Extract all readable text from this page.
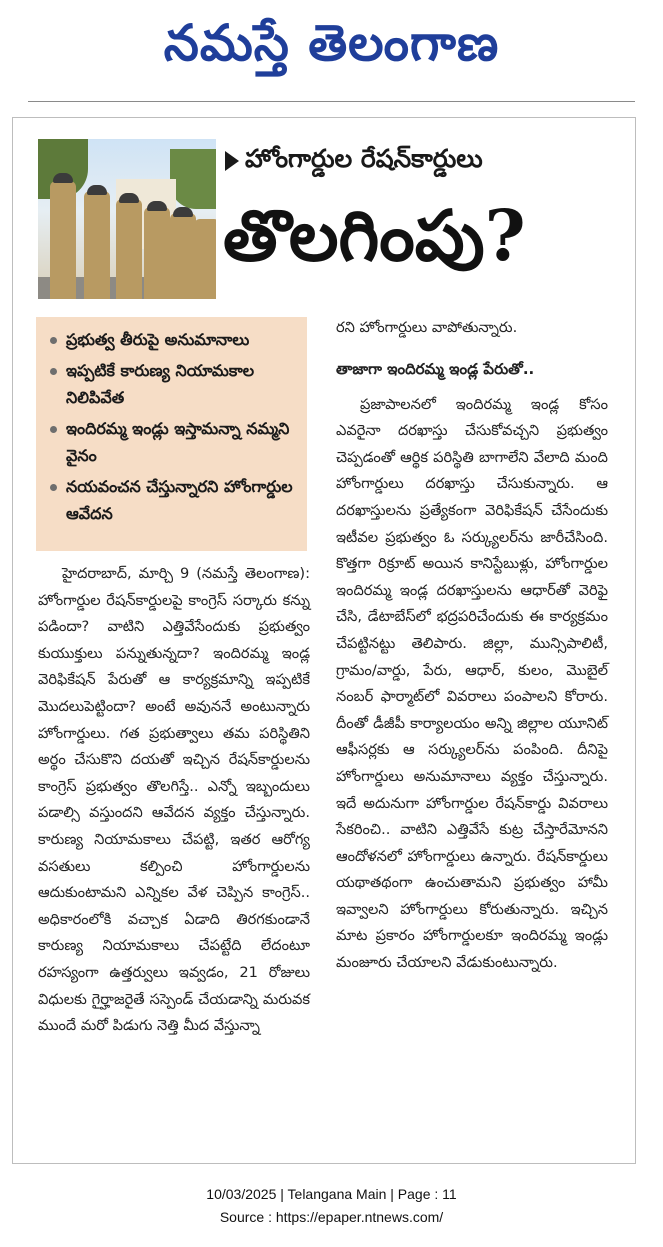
నమస్తే తెలంగాణ
హోంగార్డుల రేషన్‌కార్డులు
తొలగింపు?
ప్రభుత్వ తీరుపై అనుమానాలు
ఇప్పటికే కారుణ్య నియామకాల నిలిపివేత
ఇందిరమ్మ ఇండ్లు ఇస్తామన్నా నమ్మని వైనం
నయవంచన చేస్తున్నారని హోంగార్డుల ఆవేదన

హైదరాబాద్, మార్చి 9 (నమస్తే తెలంగాణ): హోంగార్డుల రేషన్‌కార్డులపై కాంగ్రెస్ సర్కారు కన్ను పడిందా? వాటిని ఎత్తివేసేందుకు ప్రభుత్వం కుయుక్తులు పన్నుతున్నదా? ఇందిరమ్మ ఇండ్ల వెరిఫికేషన్ పేరుతో ఆ కార్యక్రమాన్ని ఇప్పటికే మొదలుపెట్టిందా? అంటే అవుననే అంటున్నారు హోంగార్డులు. గత ప్రభుత్వాలు తమ పరిస్థితిని అర్థం చేసుకొని దయతో ఇచ్చిన రేషన్‌కార్డులను కాంగ్రెస్ ప్రభుత్వం తొలగిస్తే.. ఎన్నో ఇబ్బందులు పడాల్సి వస్తుందని ఆవేదన వ్యక్తం చేస్తున్నారు. కారుణ్య నియామకాలు చేపట్టి, ఇతర ఆరోగ్య వసతులు కల్పించి హోంగార్డులను ఆదుకుంటామని ఎన్నికల వేళ చెప్పిన కాంగ్రెస్.. అధికారంలోకి వచ్చాక ఏడాది తిరగకుండానే కారుణ్య నియామకాలు చేపట్టేది లేదంటూ రహస్యంగా ఉత్తర్వులు ఇవ్వడం, 21 రోజులు విధులకు గైర్హాజరైతే సస్పెండ్ చేయడాన్ని మరువక ముందే మరో పిడుగు నెత్తి మీద వేస్తున్నా

రని హోంగార్డులు వాపోతున్నారు.

తాజాగా ఇందిరమ్మ ఇండ్ల పేరుతో..

ప్రజాపాలనలో ఇందిరమ్మ ఇండ్ల కోసం ఎవరైనా దరఖాస్తు చేసుకోవచ్చని ప్రభుత్వం చెప్పడంతో ఆర్థిక పరిస్థితి బాగాలేని వేలాది మంది హోంగార్డులు దరఖాస్తు చేసుకున్నారు. ఆ దరఖాస్తులను ప్రత్యేకంగా వెరిఫికేషన్ చేసేందుకు ఇటీవల ప్రభుత్వం ఓ సర్క్యులర్‌ను జారీచేసింది. కొత్తగా రిక్రూట్ అయిన కానిస్టేబుళ్లు, హోంగార్డుల ఇందిరమ్మ ఇండ్ల దరఖాస్తులను ఆధార్‌తో వెరిఫై చేసి, డేటాబేస్‌లో భద్రపరిచేందుకు ఈ కార్యక్రమం చేపట్టినట్టు తెలిపారు. జిల్లా, మున్సిపాలిటీ, గ్రామం/వార్డు, పేరు, ఆధార్, కులం, మొబైల్ నంబర్ ఫార్మాట్‌లో వివరాలు పంపాలని కోరారు. దీంతో డీజీపీ కార్యాలయం అన్ని జిల్లాల యూనిట్ ఆఫీసర్లకు ఆ సర్క్యులర్‌ను పంపింది. దీనిపై హోంగార్డులు అనుమానాలు వ్యక్తం చేస్తున్నారు. ఇదే అదునుగా హోంగార్డుల రేషన్‌కార్డు వివరాలు సేకరించి.. వాటిని ఎత్తివేసే కుట్ర చేస్తారేమోనని ఆందోళనలో హోంగార్డులు ఉన్నారు. రేషన్‌కార్డులు యథాతథంగా ఉంచుతామని ప్రభుత్వం హామీ ఇవ్వాలని హోంగార్డులు కోరుతున్నారు. ఇచ్చిన మాట ప్రకారం హోంగార్డులకూ ఇందిరమ్మ ఇండ్లు మంజూరు చేయాలని వేడుకుంటున్నారు.

10/03/2025 | Telangana Main | Page : 11
Source : https://epaper.ntnews.com/
